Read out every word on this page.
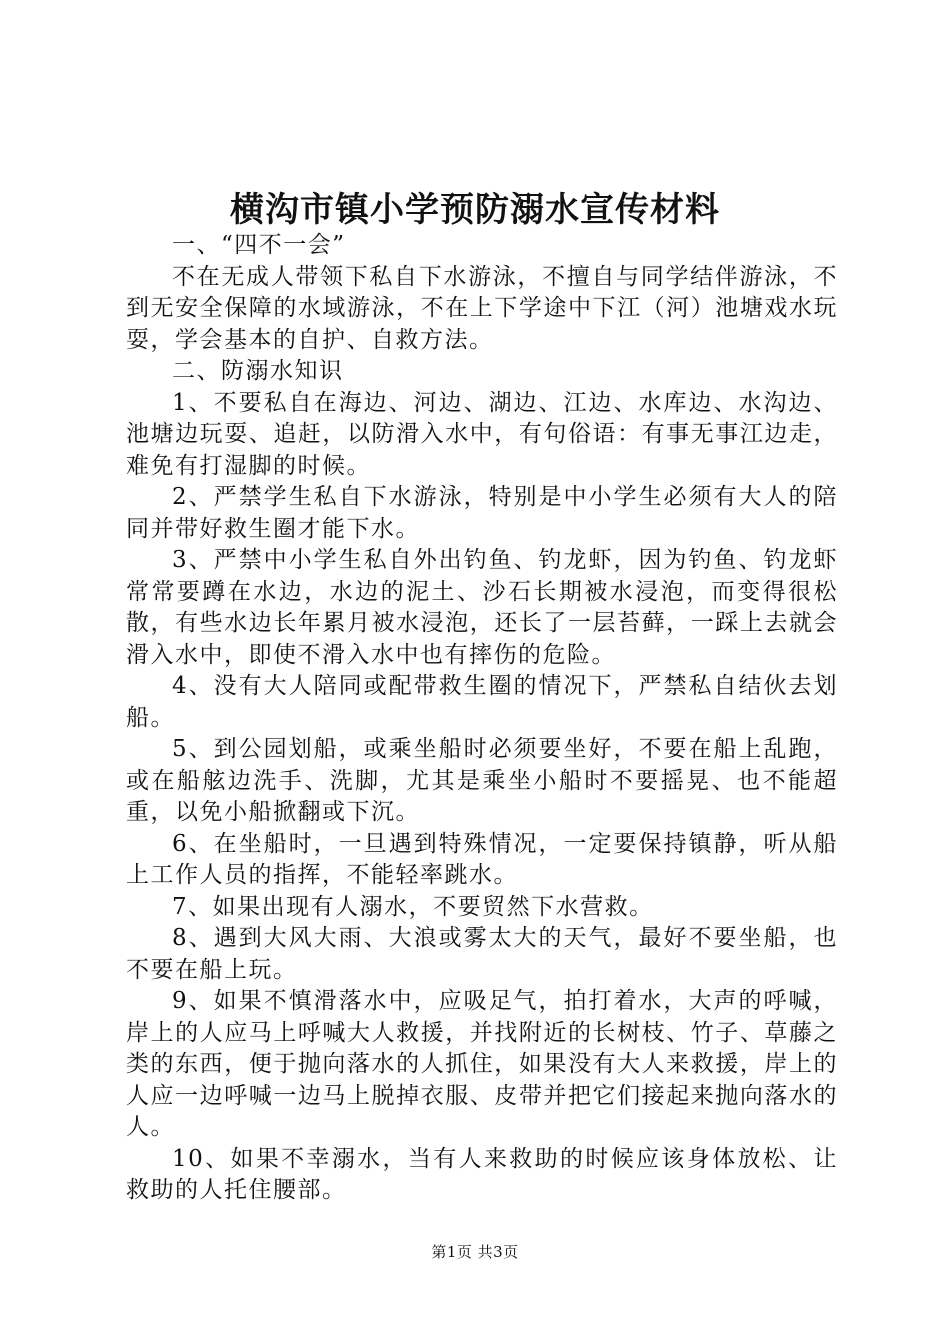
横沟市镇小学预防溺水宣传材料

一、“四不一会”

不在无成人带领下私自下水游泳，不擅自与同学结伴游泳，不到无安全保障的水域游泳，不在上下学途中下江（河）池塘戏水玩耍，学会基本的自护、自救方法。

二、防溺水知识

1、不要私自在海边、河边、湖边、江边、水库边、水沟边、池塘边玩耍、追赶，以防滑入水中，有句俗语：有事无事江边走，难免有打湿脚的时候。

2、严禁学生私自下水游泳，特别是中小学生必须有大人的陪同并带好救生圈才能下水。

3、严禁中小学生私自外出钓鱼、钓龙虾，因为钓鱼、钓龙虾常常要蹲在水边，水边的泥土、沙石长期被水浸泡，而变得很松散，有些水边长年累月被水浸泡，还长了一层苔藓，一踩上去就会滑入水中，即使不滑入水中也有摔伤的危险。

4、没有大人陪同或配带救生圈的情况下，严禁私自结伙去划船。

5、到公园划船，或乘坐船时必须要坐好，不要在船上乱跑，或在船舷边洗手、洗脚，尤其是乘坐小船时不要摇晃、也不能超重，以免小船掀翻或下沉。

6、在坐船时，一旦遇到特殊情况，一定要保持镇静，听从船上工作人员的指挥，不能轻率跳水。

7、如果出现有人溺水，不要贸然下水营救。

8、遇到大风大雨、大浪或雾太大的天气，最好不要坐船，也不要在船上玩。

9、如果不慎滑落水中，应吸足气，拍打着水，大声的呼喊，岸上的人应马上呼喊大人救援，并找附近的长树枝、竹子、草藤之类的东西，便于抛向落水的人抓住，如果没有大人来救援，岸上的人应一边呼喊一边马上脱掉衣服、皮带并把它们接起来抛向落水的人。

10、如果不幸溺水，当有人来救助的时候应该身体放松、让救助的人托住腰部。

第1页 共3页
